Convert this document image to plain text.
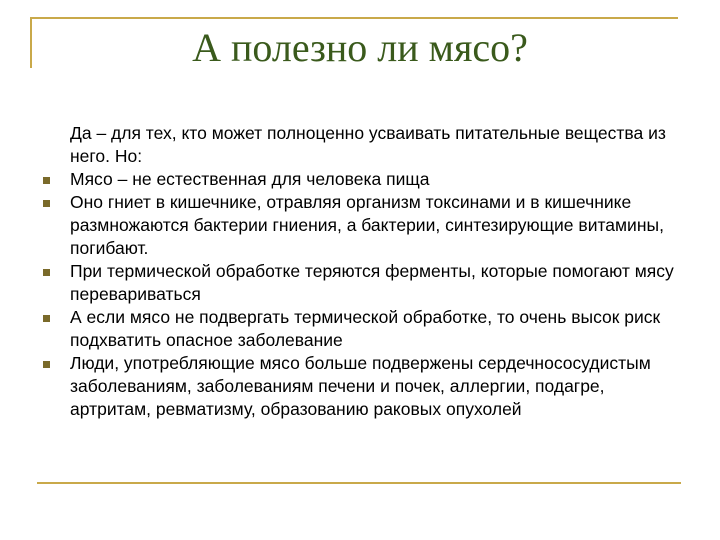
А полезно ли мясо?

Да – для тех, кто может полноценно усваивать питательные вещества из него. Но:

Мясо – не естественная для человека пища
Оно гниет в кишечнике, отравляя организм токсинами и в кишечнике размножаются бактерии гниения, а бактерии, синтезирующие витамины, погибают.
При термической обработке теряются ферменты, которые помогают мясу перевариваться
А если мясо не подвергать термической обработке, то очень высок риск подхватить опасное заболевание
Люди, употребляющие мясо больше подвержены сердечнососудистым заболеваниям, заболеваниям печени и почек, аллергии, подагре, артритам, ревматизму, образованию раковых опухолей
